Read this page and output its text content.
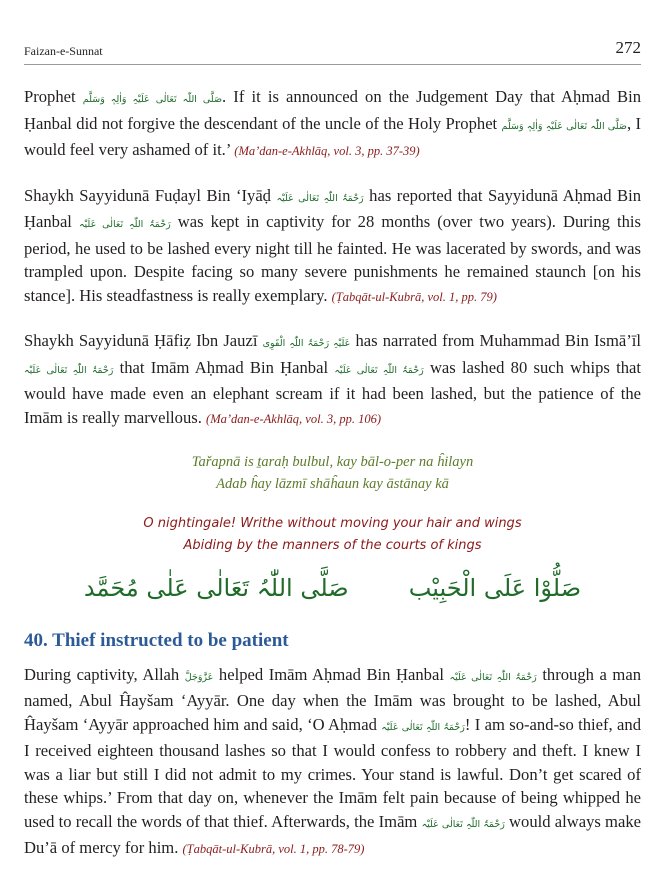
Faizan-e-Sunnat	272

Prophet صَلَّی اللّٰہ تَعَالٰی عَلَیْہِ وَاٰلِہٖ وَسَلَّم. If it is announced on the Judgement Day that Aḥmad Bin Ḥanbal did not forgive the descendant of the uncle of the Holy Prophet صَلَّی اللّٰہ تَعَالٰی عَلَیْہِ وَاٰلِہٖ وَسَلَّم, I would feel very ashamed of it.’ (Ma’dan-e-Akhlāq, vol. 3, pp. 37-39)

Shaykh Sayyidunā Fuḍayl Bin ‘Iyāḍ رَحْمَۃُ اللّٰہِ تَعَالٰی عَلَیْہ has reported that Sayyidunā Aḥmad Bin Ḥanbal رَحْمَۃُ اللّٰہِ تَعَالٰی عَلَیْہ was kept in captivity for 28 months (over two years). During this period, he used to be lashed every night till he fainted. He was lacerated by swords, and was trampled upon. Despite facing so many severe punishments he remained staunch [on his stance]. His steadfastness is really exemplary. (Ṭabqāt-ul-Kubrā, vol. 1, pp. 79)

Shaykh Sayyidunā Ḥāfiẓ Ibn Jauzī عَلَیْہِ رَحْمَۃُ اللّٰہِ الْقَوِی has narrated from Muhammad Bin Ismā’īl رَحْمَۃُ اللّٰہِ تَعَالٰی عَلَیْہ that Imām Aḥmad Bin Ḥanbal رَحْمَۃُ اللّٰہِ تَعَالٰی عَلَیْہ was lashed 80 such whips that would have made even an elephant scream if it had been lashed, but the patience of the Imām is really marvellous. (Ma’dan-e-Akhlāq, vol. 3, pp. 106)

Tařapnā is ṯaraḥ bulbul, kay bāl-o-per na ĥilayn
Adab ĥay lāzmī shāĥaun kay āstānay kā
O nightingale! Writhe without moving your hair and wings
Abiding by the manners of the courts of kings
صَلُّوْا عَلَی الْحَبِیْب
صَلَّی اللّٰہُ تَعَالٰی عَلٰی مُحَمَّد
40. Thief instructed to be patient

During captivity, Allah عَزَّوَجَلَّ helped Imām Aḥmad Bin Ḥanbal رَحْمَۃُ اللّٰہِ تَعَالٰی عَلَیْہ through a man named, Abul Ĥayšam ‘Ayyār. One day when the Imām was brought to be lashed, Abul Ĥayšam ‘Ayyār approached him and said, ‘O Aḥmad رَحْمَۃُ اللّٰہِ تَعَالٰی عَلَیْہ! I am so-and-so thief, and I received eighteen thousand lashes so that I would confess to robbery and theft. I knew I was a liar but still I did not admit to my crimes. Your stand is lawful. Don’t get scared of these whips.’ From that day on, whenever the Imām felt pain because of being whipped he used to recall the words of that thief. Afterwards, the Imām رَحْمَۃُ اللّٰہِ تَعَالٰی عَلَیْہ would always make Du’ā of mercy for him. (Ṭabqāt-ul-Kubrā, vol. 1, pp. 78-79)
